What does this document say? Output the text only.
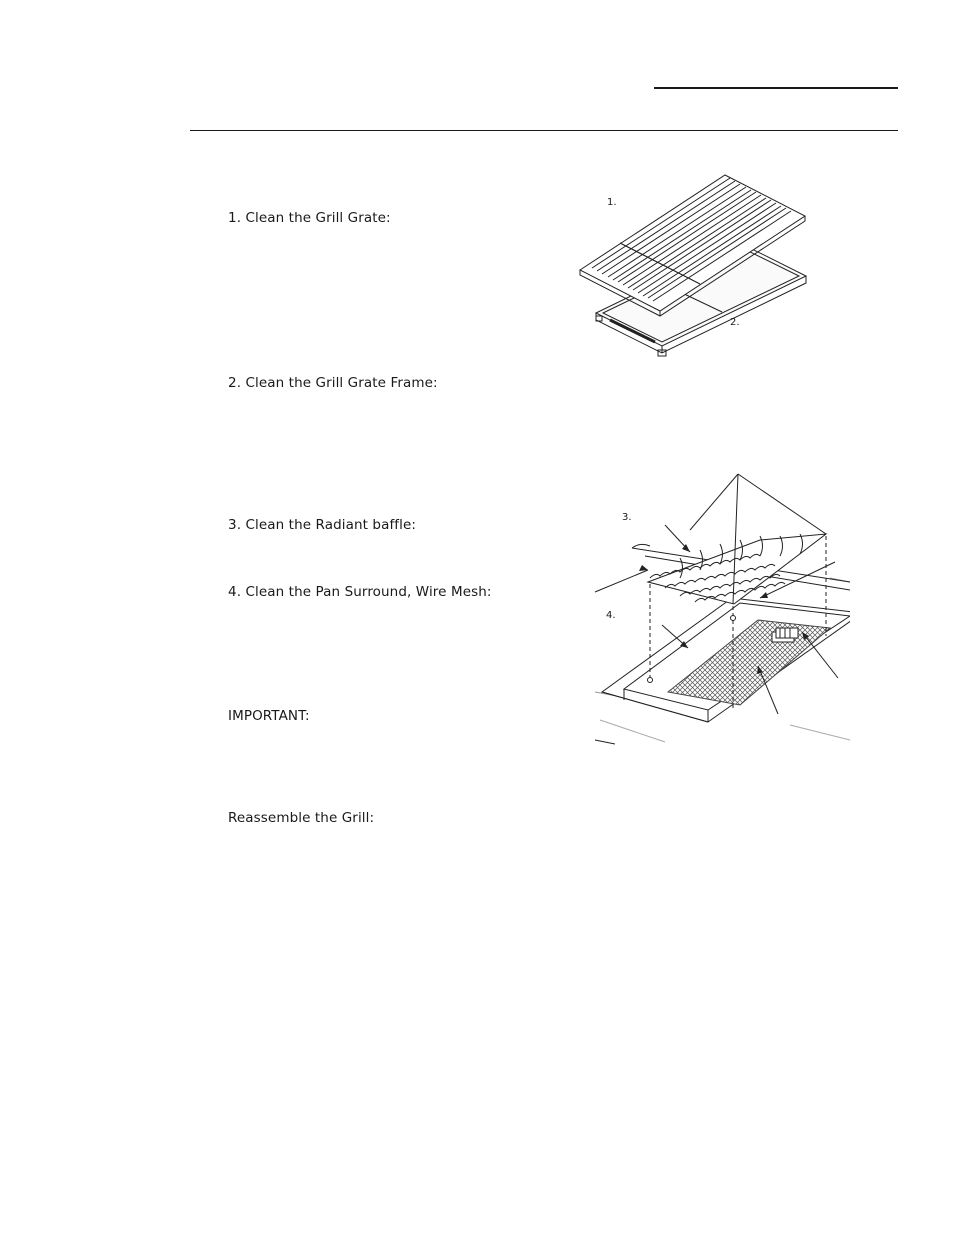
1. Clean the Grill Grate:
2. Clean the Grill Grate Frame:
3. Clean the Radiant baffle:
4. Clean the Pan Surround, Wire Mesh:
IMPORTANT:
Reassemble the Grill:
1.
2.
3.
4.
